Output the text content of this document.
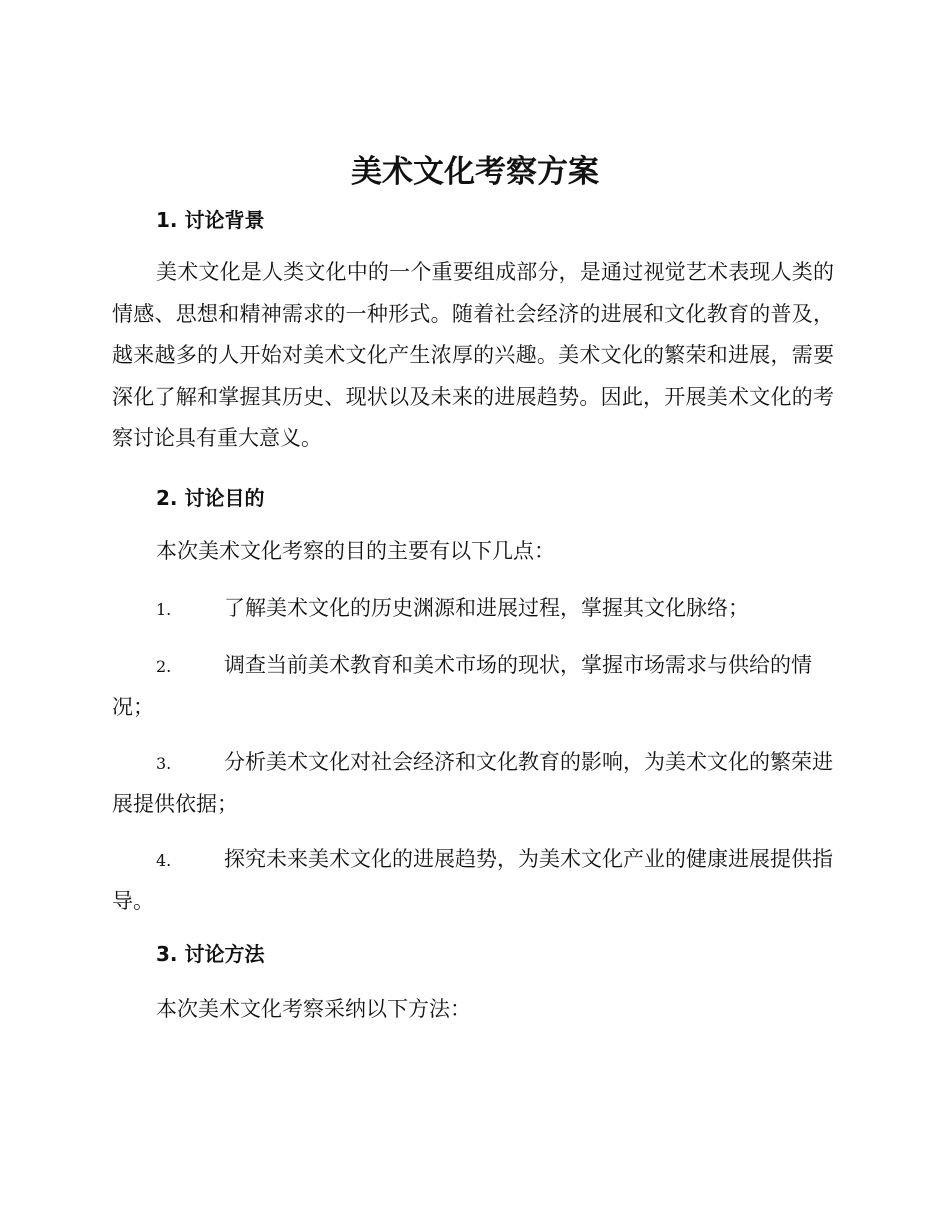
美术文化考察方案
1. 讨论背景

美术文化是人类文化中的一个重要组成部分，是通过视觉艺术表现人类的情感、思想和精神需求的一种形式。随着社会经济的进展和文化教育的普及，越来越多的人开始对美术文化产生浓厚的兴趣。美术文化的繁荣和进展，需要深化了解和掌握其历史、现状以及未来的进展趋势。因此，开展美术文化的考察讨论具有重大意义。

2. 讨论目的

本次美术文化考察的目的主要有以下几点：

1.	了解美术文化的历史渊源和进展过程，掌握其文化脉络；

2.	调查当前美术教育和美术市场的现状，掌握市场需求与供给的情况；

3.	分析美术文化对社会经济和文化教育的影响，为美术文化的繁荣进展提供依据；

4.	探究未来美术文化的进展趋势，为美术文化产业的健康进展提供指导。

3. 讨论方法

本次美术文化考察采纳以下方法：
